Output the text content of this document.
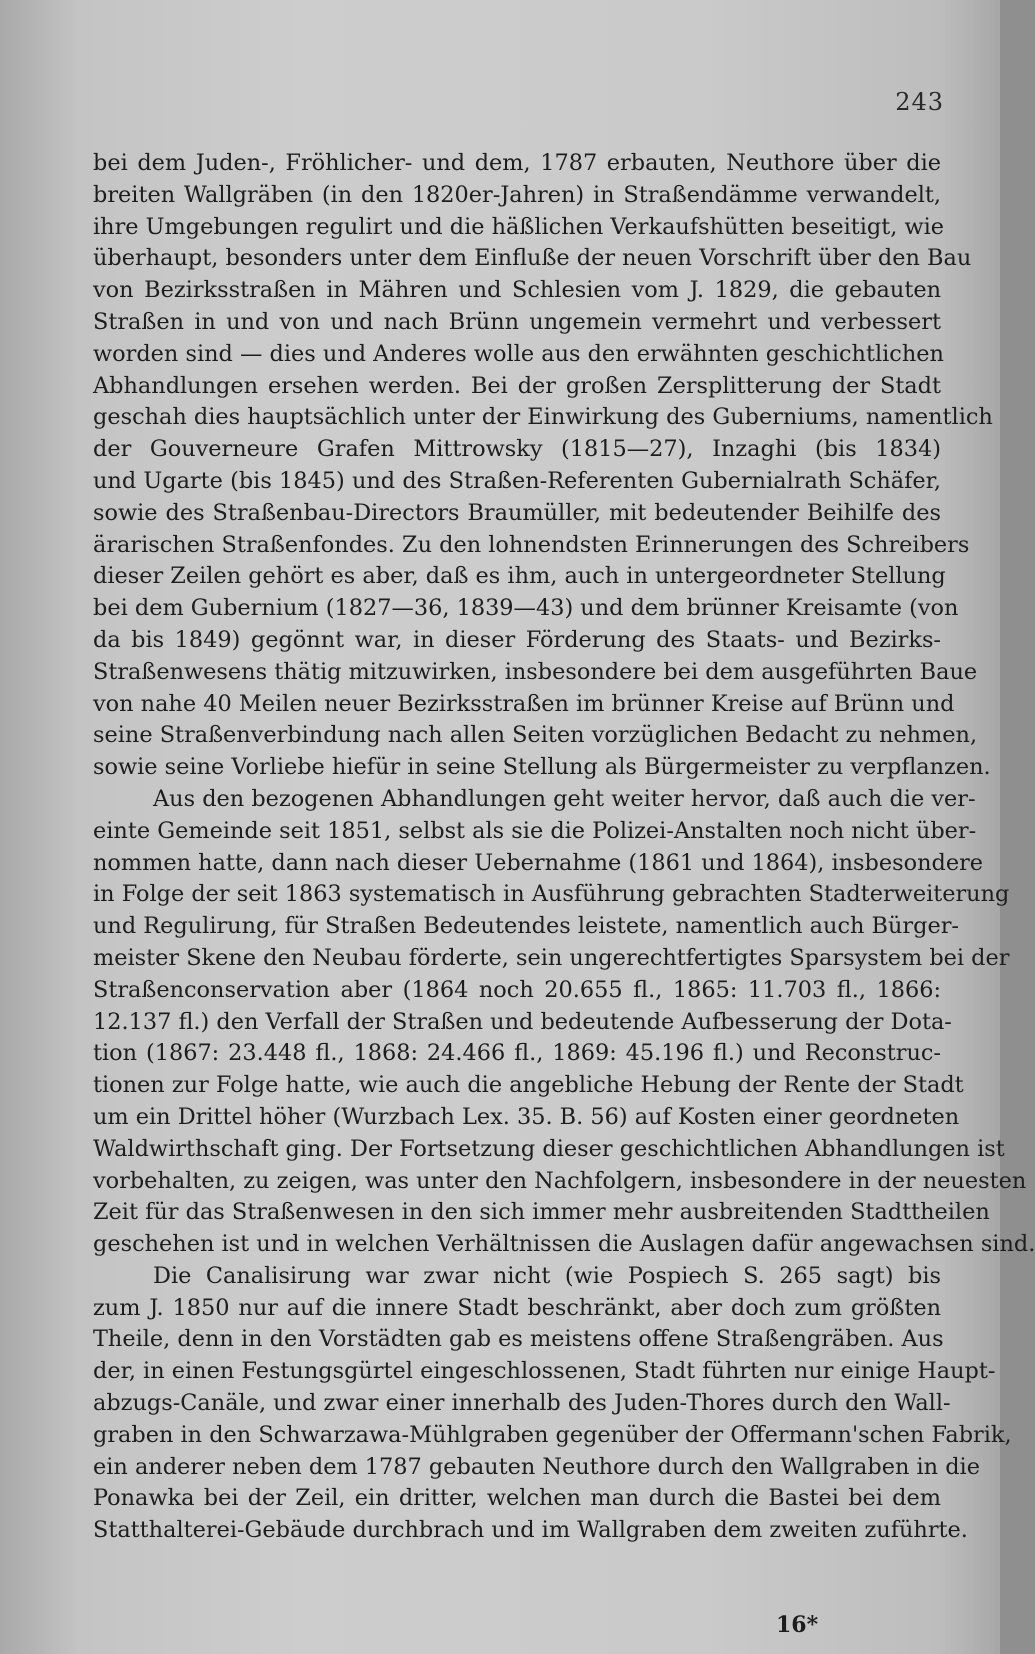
243
bei dem Juden-, Fröhlicher- und dem, 1787 erbauten, Neuthore über die
breiten Wallgräben (in den 1820er-Jahren) in Straßendämme verwandelt,
ihre Umgebungen regulirt und die häßlichen Verkaufshütten beseitigt, wie
überhaupt, besonders unter dem Einfluße der neuen Vorschrift über den Bau
von Bezirksstraßen in Mähren und Schlesien vom J. 1829, die gebauten
Straßen in und von und nach Brünn ungemein vermehrt und verbessert
worden sind — dies und Anderes wolle aus den erwähnten geschichtlichen
Abhandlungen ersehen werden. Bei der großen Zersplitterung der Stadt
geschah dies hauptsächlich unter der Einwirkung des Guberniums, namentlich
der Gouverneure Grafen Mittrowsky (1815—27), Inzaghi (bis 1834)
und Ugarte (bis 1845) und des Straßen-Referenten Gubernialrath Schäfer,
sowie des Straßenbau-Directors Braumüller, mit bedeutender Beihilfe des
ärarischen Straßenfondes. Zu den lohnendsten Erinnerungen des Schreibers
dieser Zeilen gehört es aber, daß es ihm, auch in untergeordneter Stellung
bei dem Gubernium (1827—36, 1839—43) und dem brünner Kreisamte (von
da bis 1849) gegönnt war, in dieser Förderung des Staats- und Bezirks-
Straßenwesens thätig mitzuwirken, insbesondere bei dem ausgeführten Baue
von nahe 40 Meilen neuer Bezirksstraßen im brünner Kreise auf Brünn und
seine Straßenverbindung nach allen Seiten vorzüglichen Bedacht zu nehmen,
sowie seine Vorliebe hiefür in seine Stellung als Bürgermeister zu verpflanzen.
Aus den bezogenen Abhandlungen geht weiter hervor, daß auch die ver-
einte Gemeinde seit 1851, selbst als sie die Polizei-Anstalten noch nicht über-
nommen hatte, dann nach dieser Uebernahme (1861 und 1864), insbesondere
in Folge der seit 1863 systematisch in Ausführung gebrachten Stadterweiterung
und Regulirung, für Straßen Bedeutendes leistete, namentlich auch Bürger-
meister Skene den Neubau förderte, sein ungerechtfertigtes Sparsystem bei der
Straßenconservation aber (1864 noch 20.655 fl., 1865: 11.703 fl., 1866:
12.137 fl.) den Verfall der Straßen und bedeutende Aufbesserung der Dota-
tion (1867: 23.448 fl., 1868: 24.466 fl., 1869: 45.196 fl.) und Reconstruc-
tionen zur Folge hatte, wie auch die angebliche Hebung der Rente der Stadt
um ein Drittel höher (Wurzbach Lex. 35. B. 56) auf Kosten einer geordneten
Waldwirthschaft ging. Der Fortsetzung dieser geschichtlichen Abhandlungen ist
vorbehalten, zu zeigen, was unter den Nachfolgern, insbesondere in der neuesten
Zeit für das Straßenwesen in den sich immer mehr ausbreitenden Stadttheilen
geschehen ist und in welchen Verhältnissen die Auslagen dafür angewachsen sind.
Die Canalisirung war zwar nicht (wie Pospiech S. 265 sagt) bis
zum J. 1850 nur auf die innere Stadt beschränkt, aber doch zum größten
Theile, denn in den Vorstädten gab es meistens offene Straßengräben. Aus
der, in einen Festungsgürtel eingeschlossenen, Stadt führten nur einige Haupt-
abzugs-Canäle, und zwar einer innerhalb des Juden-Thores durch den Wall-
graben in den Schwarzawa-Mühlgraben gegenüber der Offermann'schen Fabrik,
ein anderer neben dem 1787 gebauten Neuthore durch den Wallgraben in die
Ponawka bei der Zeil, ein dritter, welchen man durch die Bastei bei dem
Statthalterei-Gebäude durchbrach und im Wallgraben dem zweiten zuführte.
16*
